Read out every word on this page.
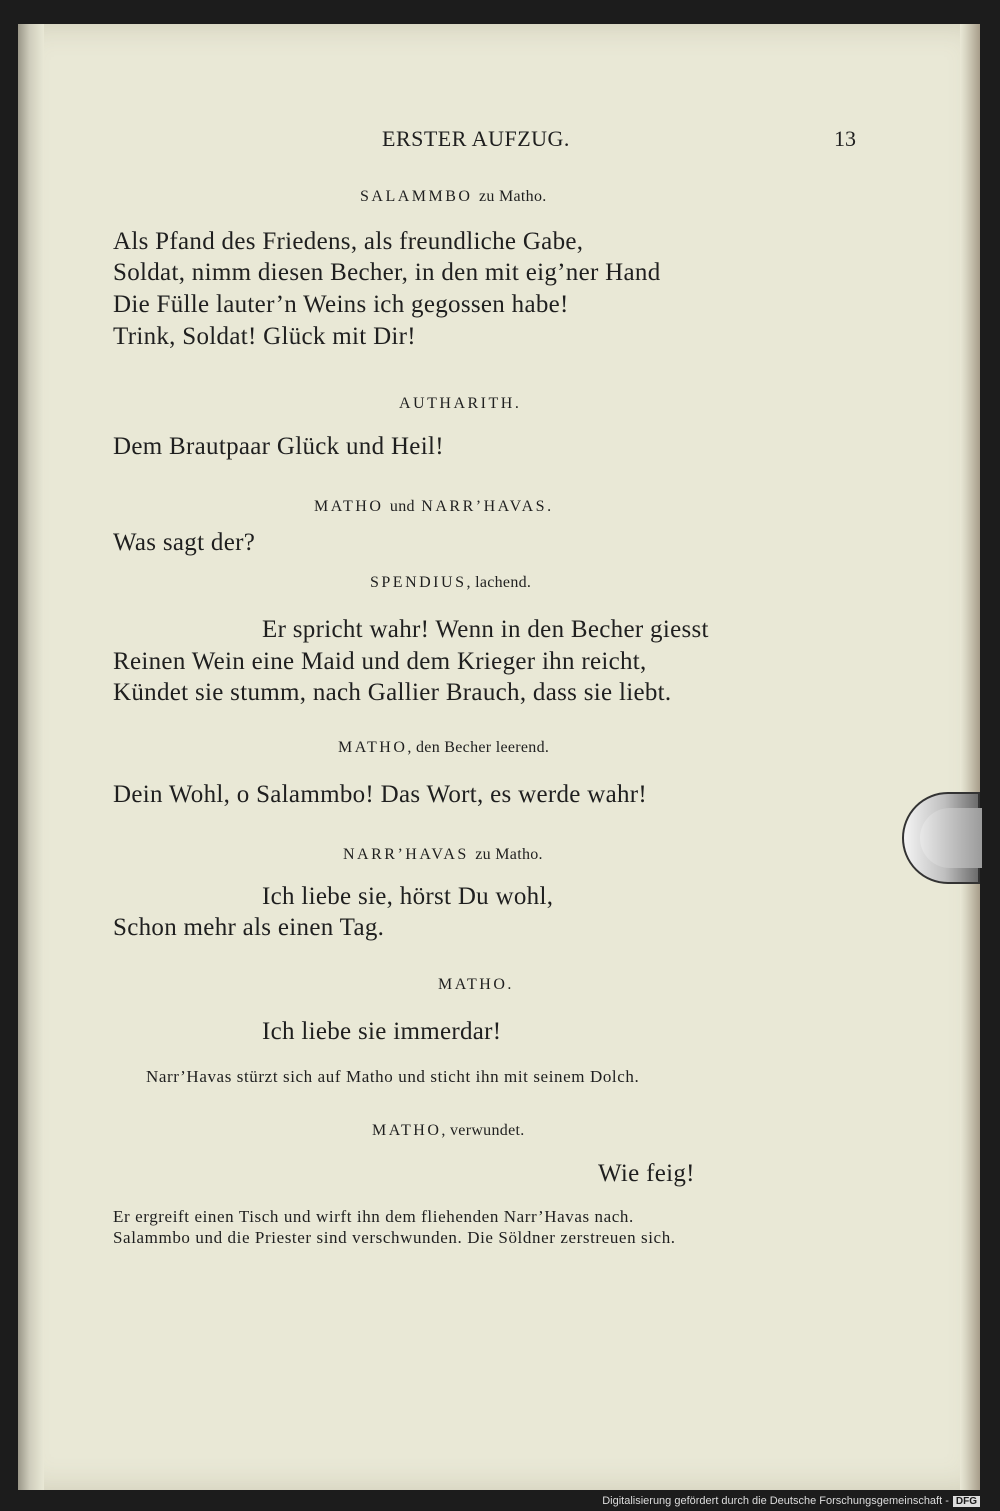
ERSTER AUFZUG.	13
SALAMMBO zu Matho.
Als Pfand des Friedens, als freundliche Gabe,
Soldat, nimm diesen Becher, in den mit eig’ner Hand
Die Fülle lauter’n Weins ich gegossen habe!
Trink, Soldat! Glück mit Dir!
AUTHARITH.
Dem Brautpaar Glück und Heil!
MATHO und NARR’HAVAS.
Was sagt der?
SPENDIUS, lachend.
Er spricht wahr! Wenn in den Becher giesst
Reinen Wein eine Maid und dem Krieger ihn reicht,
Kündet sie stumm, nach Gallier Brauch, dass sie liebt.
MATHO, den Becher leerend.
Dein Wohl, o Salammbo! Das Wort, es werde wahr!
NARR’HAVAS zu Matho.
Ich liebe sie, hörst Du wohl,
Schon mehr als einen Tag.
MATHO.
Ich liebe sie immerdar!
Narr’Havas stürzt sich auf Matho und sticht ihn mit seinem Dolch.
MATHO, verwundet.
Wie feig!
Er ergreift einen Tisch und wirft ihn dem fliehenden Narr’Havas nach.
Salammbo und die Priester sind verschwunden. Die Söldner zerstreuen sich.
Digitalisierung gefördert durch die Deutsche Forschungsgemeinschaft - DFG
